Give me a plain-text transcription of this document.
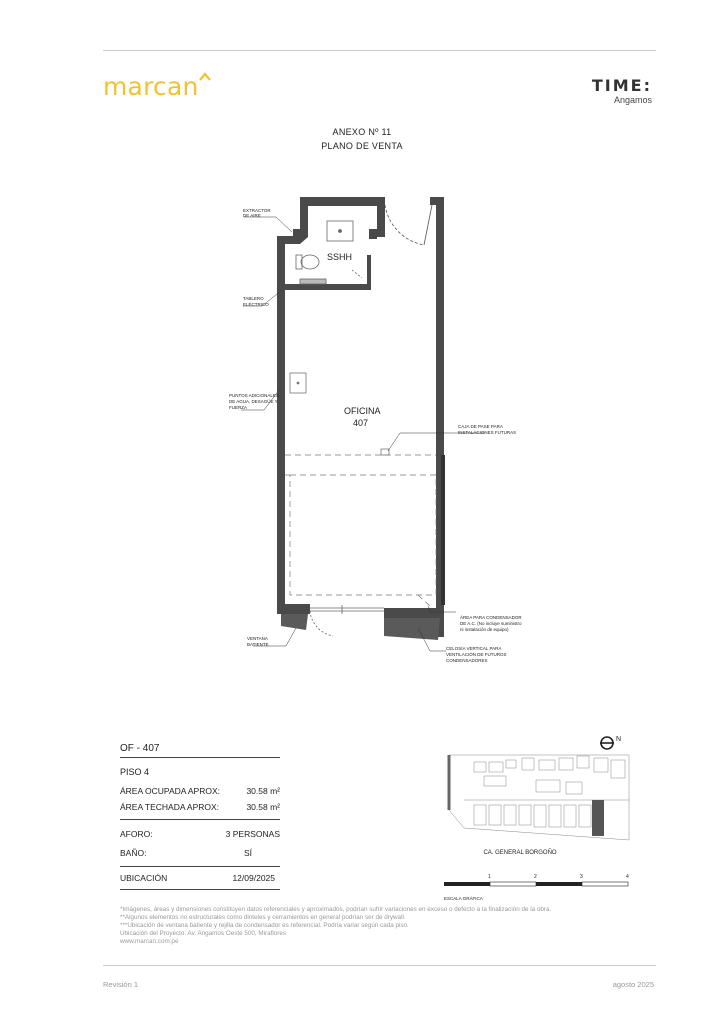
marcan	TIME:
Angamos
ANEXO Nº 11
PLANO DE VENTA
EXTRACTOR
DE AIRE
TABLERO
ELÉCTRICO
PUNTOS ADICIONALES
DE AGUA, DESAGÜE Y
FUERZA
CAJA DE PASE PARA
INSTALACIONES FUTURAS
ÁREA PARA CONDENSADOR
DE A.C. (No incluye suministro
ni instalación de equipo)
VENTANA
BATIENTE
CELOSÍA VERTICAL PARA
VENTILACIÓN DE FUTUROS
CONDENSADORES
SSHH
OFICINA
407
OF - 407
PISO 4
ÁREA OCUPADA APROX:	30.58 m²
ÁREA TECHADA APROX:	30.58 m²
AFORO:	3 PERSONAS
BAÑO:	SÍ
UBICACIÓN	12/09/2025
N
CA. GENERAL BORGOÑO
1	2	3	4
ESCALA GRÁFICA
*Imágenes, áreas y dimensiones constituyen datos referenciales y aproximados, podrían sufrir variaciones en exceso o defecto a la finalización de la obra.
**Algunos elementos no estructurales como dinteles y cerramientos en general podrían ser de drywall.
***Ubicación de ventana batiente y rejilla de condensador es referencial. Podría variar según cada piso.
Ubicación del Proyecto: Av. Angamos Oeste 500, Miraflores
www.marcan.com.pe
Revisión 1	agosto 2025
